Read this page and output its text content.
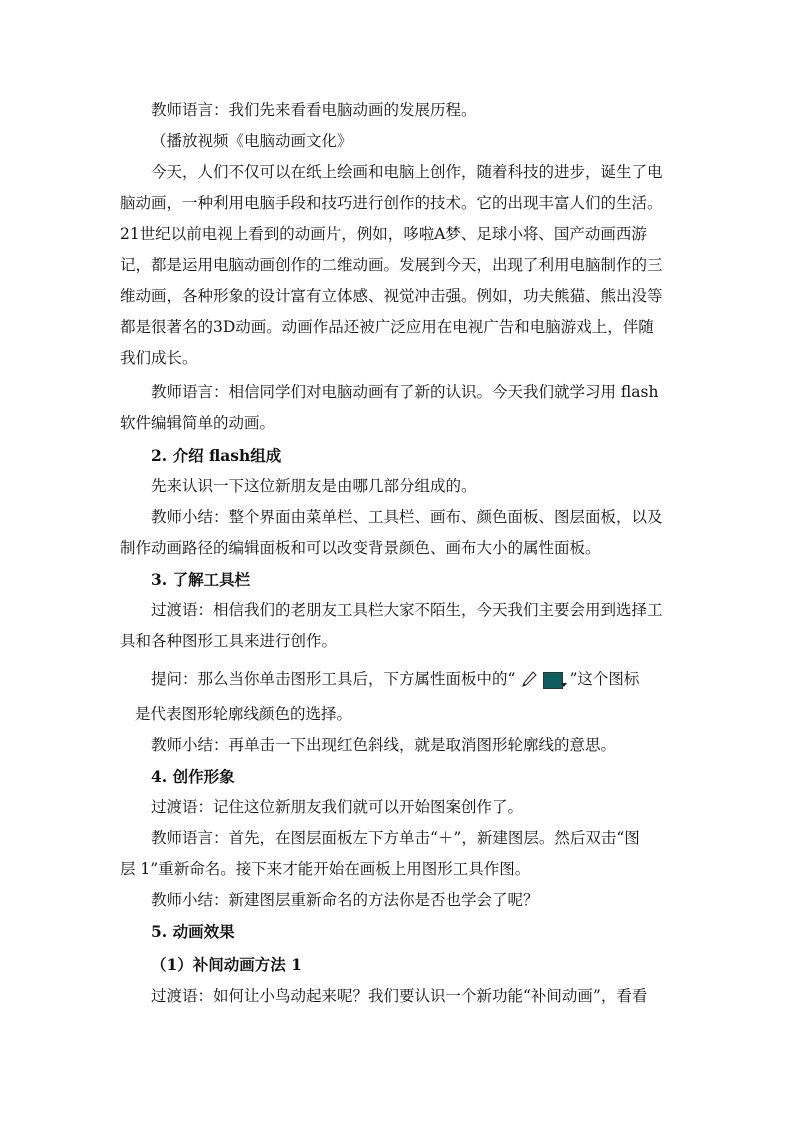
教师语言：我们先来看看电脑动画的发展历程。
（播放视频《电脑动画文化》
今天，人们不仅可以在纸上绘画和电脑上创作，随着科技的进步，诞生了电
脑动画，一种利用电脑手段和技巧进行创作的技术。它的出现丰富人们的生活。
21世纪以前电视上看到的动画片，例如，哆啦A梦、足球小将、国产动画西游
记，都是运用电脑动画创作的二维动画。发展到今天，出现了利用电脑制作的三
维动画，各种形象的设计富有立体感、视觉冲击强。例如，功夫熊猫、熊出没等
都是很著名的3D动画。动画作品还被广泛应用在电视广告和电脑游戏上，伴随
我们成长。
教师语言：相信同学们对电脑动画有了新的认识。今天我们就学习用 flash
软件编辑简单的动画。
2. 介绍 flash组成
先来认识一下这位新朋友是由哪几部分组成的。
教师小结：整个界面由菜单栏、工具栏、画布、颜色面板、图层面板，以及
制作动画路径的编辑面板和可以改变背景颜色、画布大小的属性面板。
3. 了解工具栏
过渡语：相信我们的老朋友工具栏大家不陌生，今天我们主要会用到选择工
具和各种图形工具来进行创作。
提问：那么当你单击图形工具后，下方属性面板中的“	”这个图标
是代表图形轮廓线颜色的选择。
教师小结：再单击一下出现红色斜线，就是取消图形轮廓线的意思。
4. 创作形象
过渡语：记住这位新朋友我们就可以开始图案创作了。
教师语言：首先，在图层面板左下方单击“＋”，新建图层。然后双击“图
层 1”重新命名。接下来才能开始在画板上用图形工具作图。
教师小结：新建图层重新命名的方法你是否也学会了呢？
5. 动画效果
（1）补间动画方法 1
过渡语：如何让小鸟动起来呢？我们要认识一个新功能“补间动画”，看看
